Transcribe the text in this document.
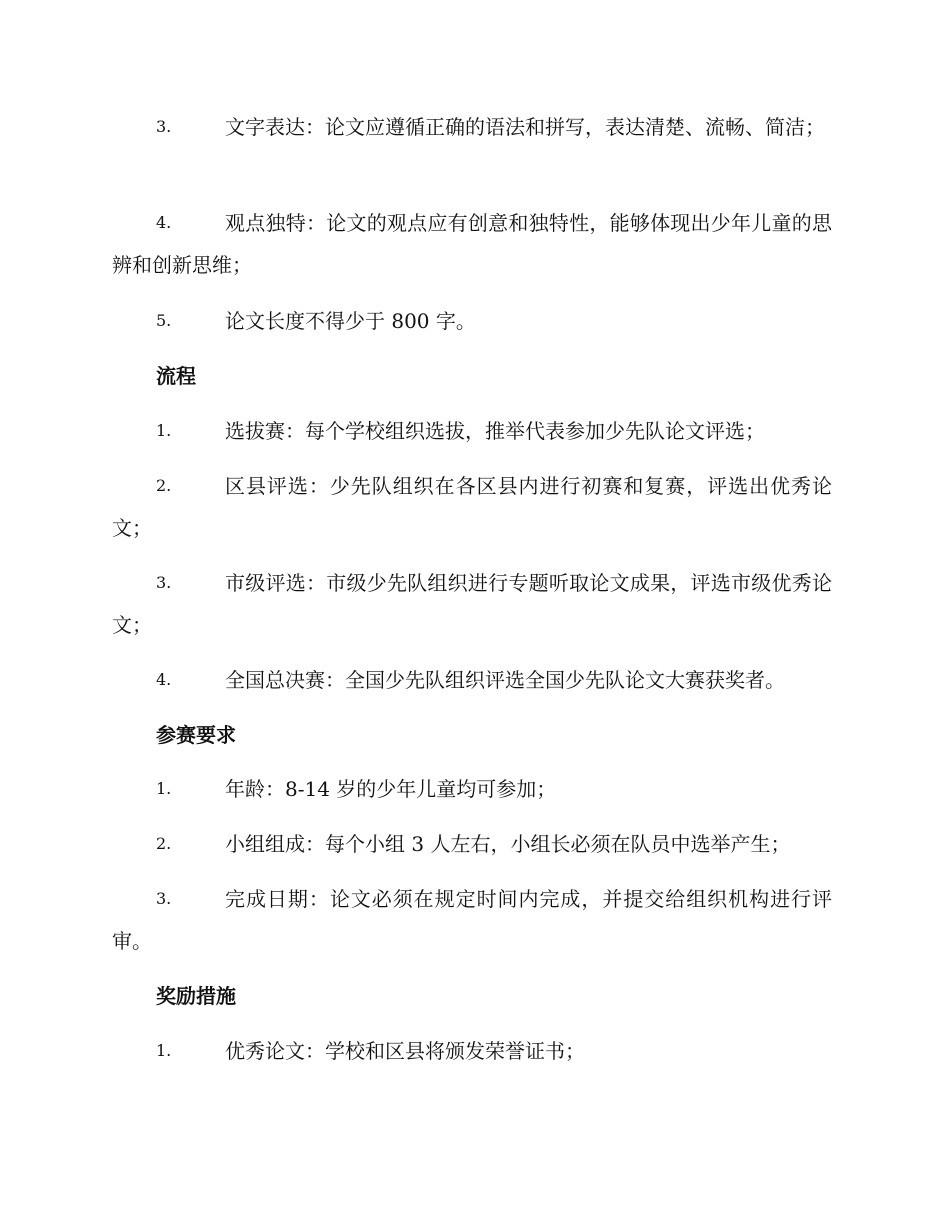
3.	文字表达：论文应遵循正确的语法和拼写，表达清楚、流畅、简洁；

4.	观点独特：论文的观点应有创意和独特性，能够体现出少年儿童的思辨和创新思维；

5.	论文长度不得少于 800 字。

流程
1.	选拔赛：每个学校组织选拔，推举代表参加少先队论文评选；

2.	区县评选：少先队组织在各区县内进行初赛和复赛，评选出优秀论文；

3.	市级评选：市级少先队组织进行专题听取论文成果，评选市级优秀论文；

4.	全国总决赛：全国少先队组织评选全国少先队论文大赛获奖者。

参赛要求
1.	年龄：8-14 岁的少年儿童均可参加；

2.	小组组成：每个小组 3 人左右，小组长必须在队员中选举产生；

3.	完成日期：论文必须在规定时间内完成，并提交给组织机构进行评审。

奖励措施
1.	优秀论文：学校和区县将颁发荣誉证书；
